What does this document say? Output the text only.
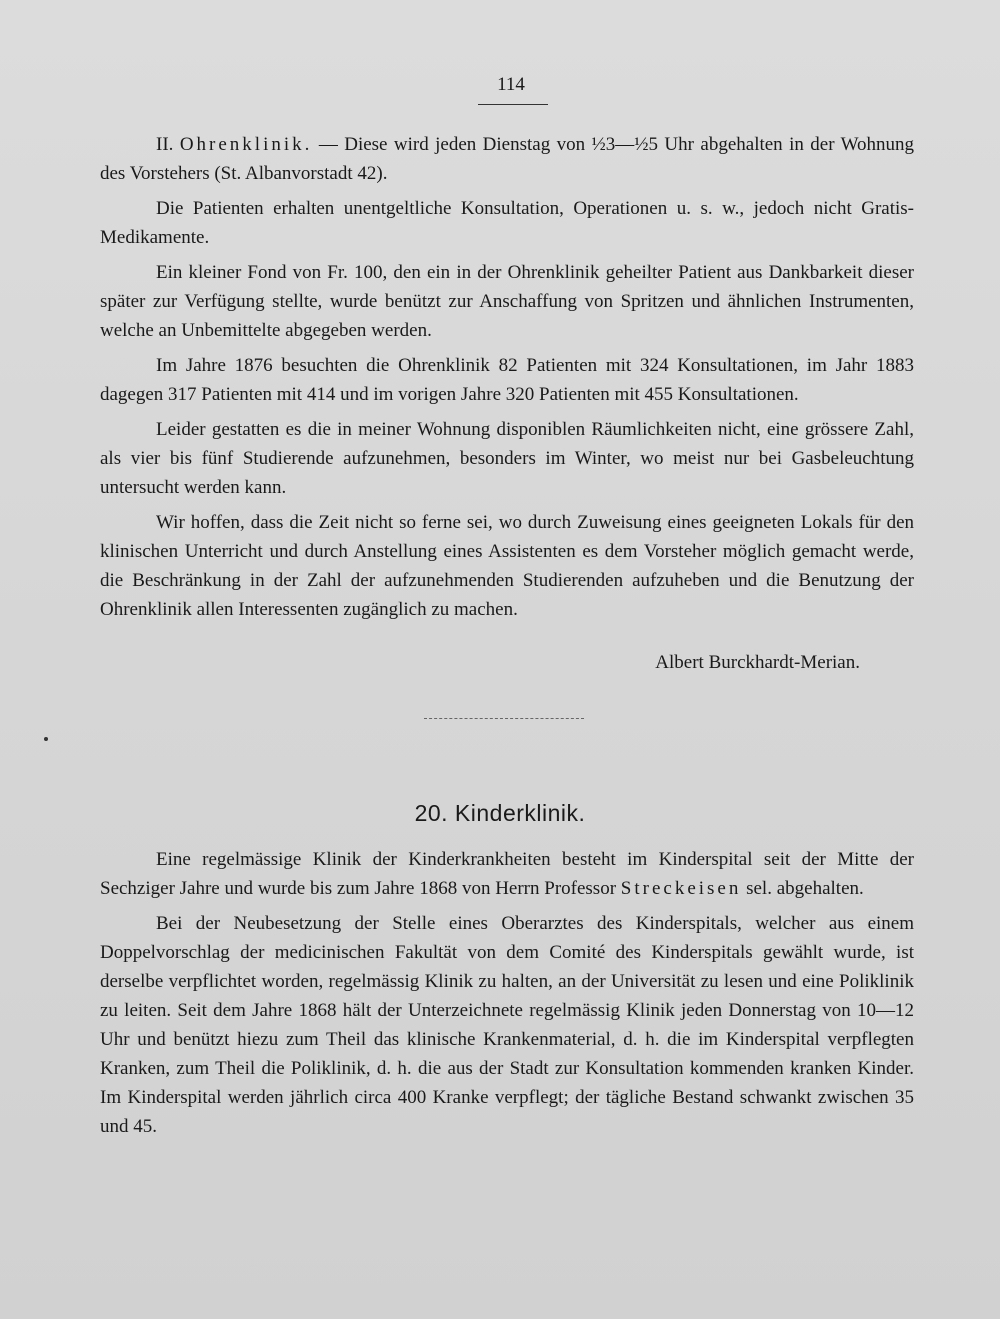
114

II. Ohrenklinik. — Diese wird jeden Dienstag von ½3—½5 Uhr abgehalten in der Wohnung des Vorstehers (St. Albanvorstadt 42).

Die Patienten erhalten unentgeltliche Konsultation, Operationen u. s. w., jedoch nicht Gratis-Medikamente.

Ein kleiner Fond von Fr. 100, den ein in der Ohrenklinik geheilter Patient aus Dankbarkeit dieser später zur Verfügung stellte, wurde benützt zur Anschaffung von Spritzen und ähnlichen Instrumenten, welche an Unbemittelte abgegeben werden.

Im Jahre 1876 besuchten die Ohrenklinik 82 Patienten mit 324 Konsultationen, im Jahr 1883 dagegen 317 Patienten mit 414 und im vorigen Jahre 320 Patienten mit 455 Konsultationen.

Leider gestatten es die in meiner Wohnung disponiblen Räumlichkeiten nicht, eine grössere Zahl, als vier bis fünf Studierende aufzunehmen, besonders im Winter, wo meist nur bei Gasbeleuchtung untersucht werden kann.

Wir hoffen, dass die Zeit nicht so ferne sei, wo durch Zuweisung eines geeigneten Lokals für den klinischen Unterricht und durch Anstellung eines Assistenten es dem Vorsteher möglich gemacht werde, die Beschränkung in der Zahl der aufzunehmenden Studierenden aufzuheben und die Benutzung der Ohrenklinik allen Interessenten zugänglich zu machen.

Albert Burckhardt-Merian.
20. Kinderklinik.

Eine regelmässige Klinik der Kinderkrankheiten besteht im Kinderspital seit der Mitte der Sechziger Jahre und wurde bis zum Jahre 1868 von Herrn Professor Streckeisen sel. abgehalten.

Bei der Neubesetzung der Stelle eines Oberarztes des Kinderspitals, welcher aus einem Doppelvorschlag der medicinischen Fakultät von dem Comité des Kinderspitals gewählt wurde, ist derselbe verpflichtet worden, regelmässig Klinik zu halten, an der Universität zu lesen und eine Poliklinik zu leiten. Seit dem Jahre 1868 hält der Unterzeichnete regelmässig Klinik jeden Donnerstag von 10—12 Uhr und benützt hiezu zum Theil das klinische Krankenmaterial, d. h. die im Kinderspital verpflegten Kranken, zum Theil die Poliklinik, d. h. die aus der Stadt zur Konsultation kommenden kranken Kinder. Im Kinderspital werden jährlich circa 400 Kranke verpflegt; der tägliche Bestand schwankt zwischen 35 und 45.
